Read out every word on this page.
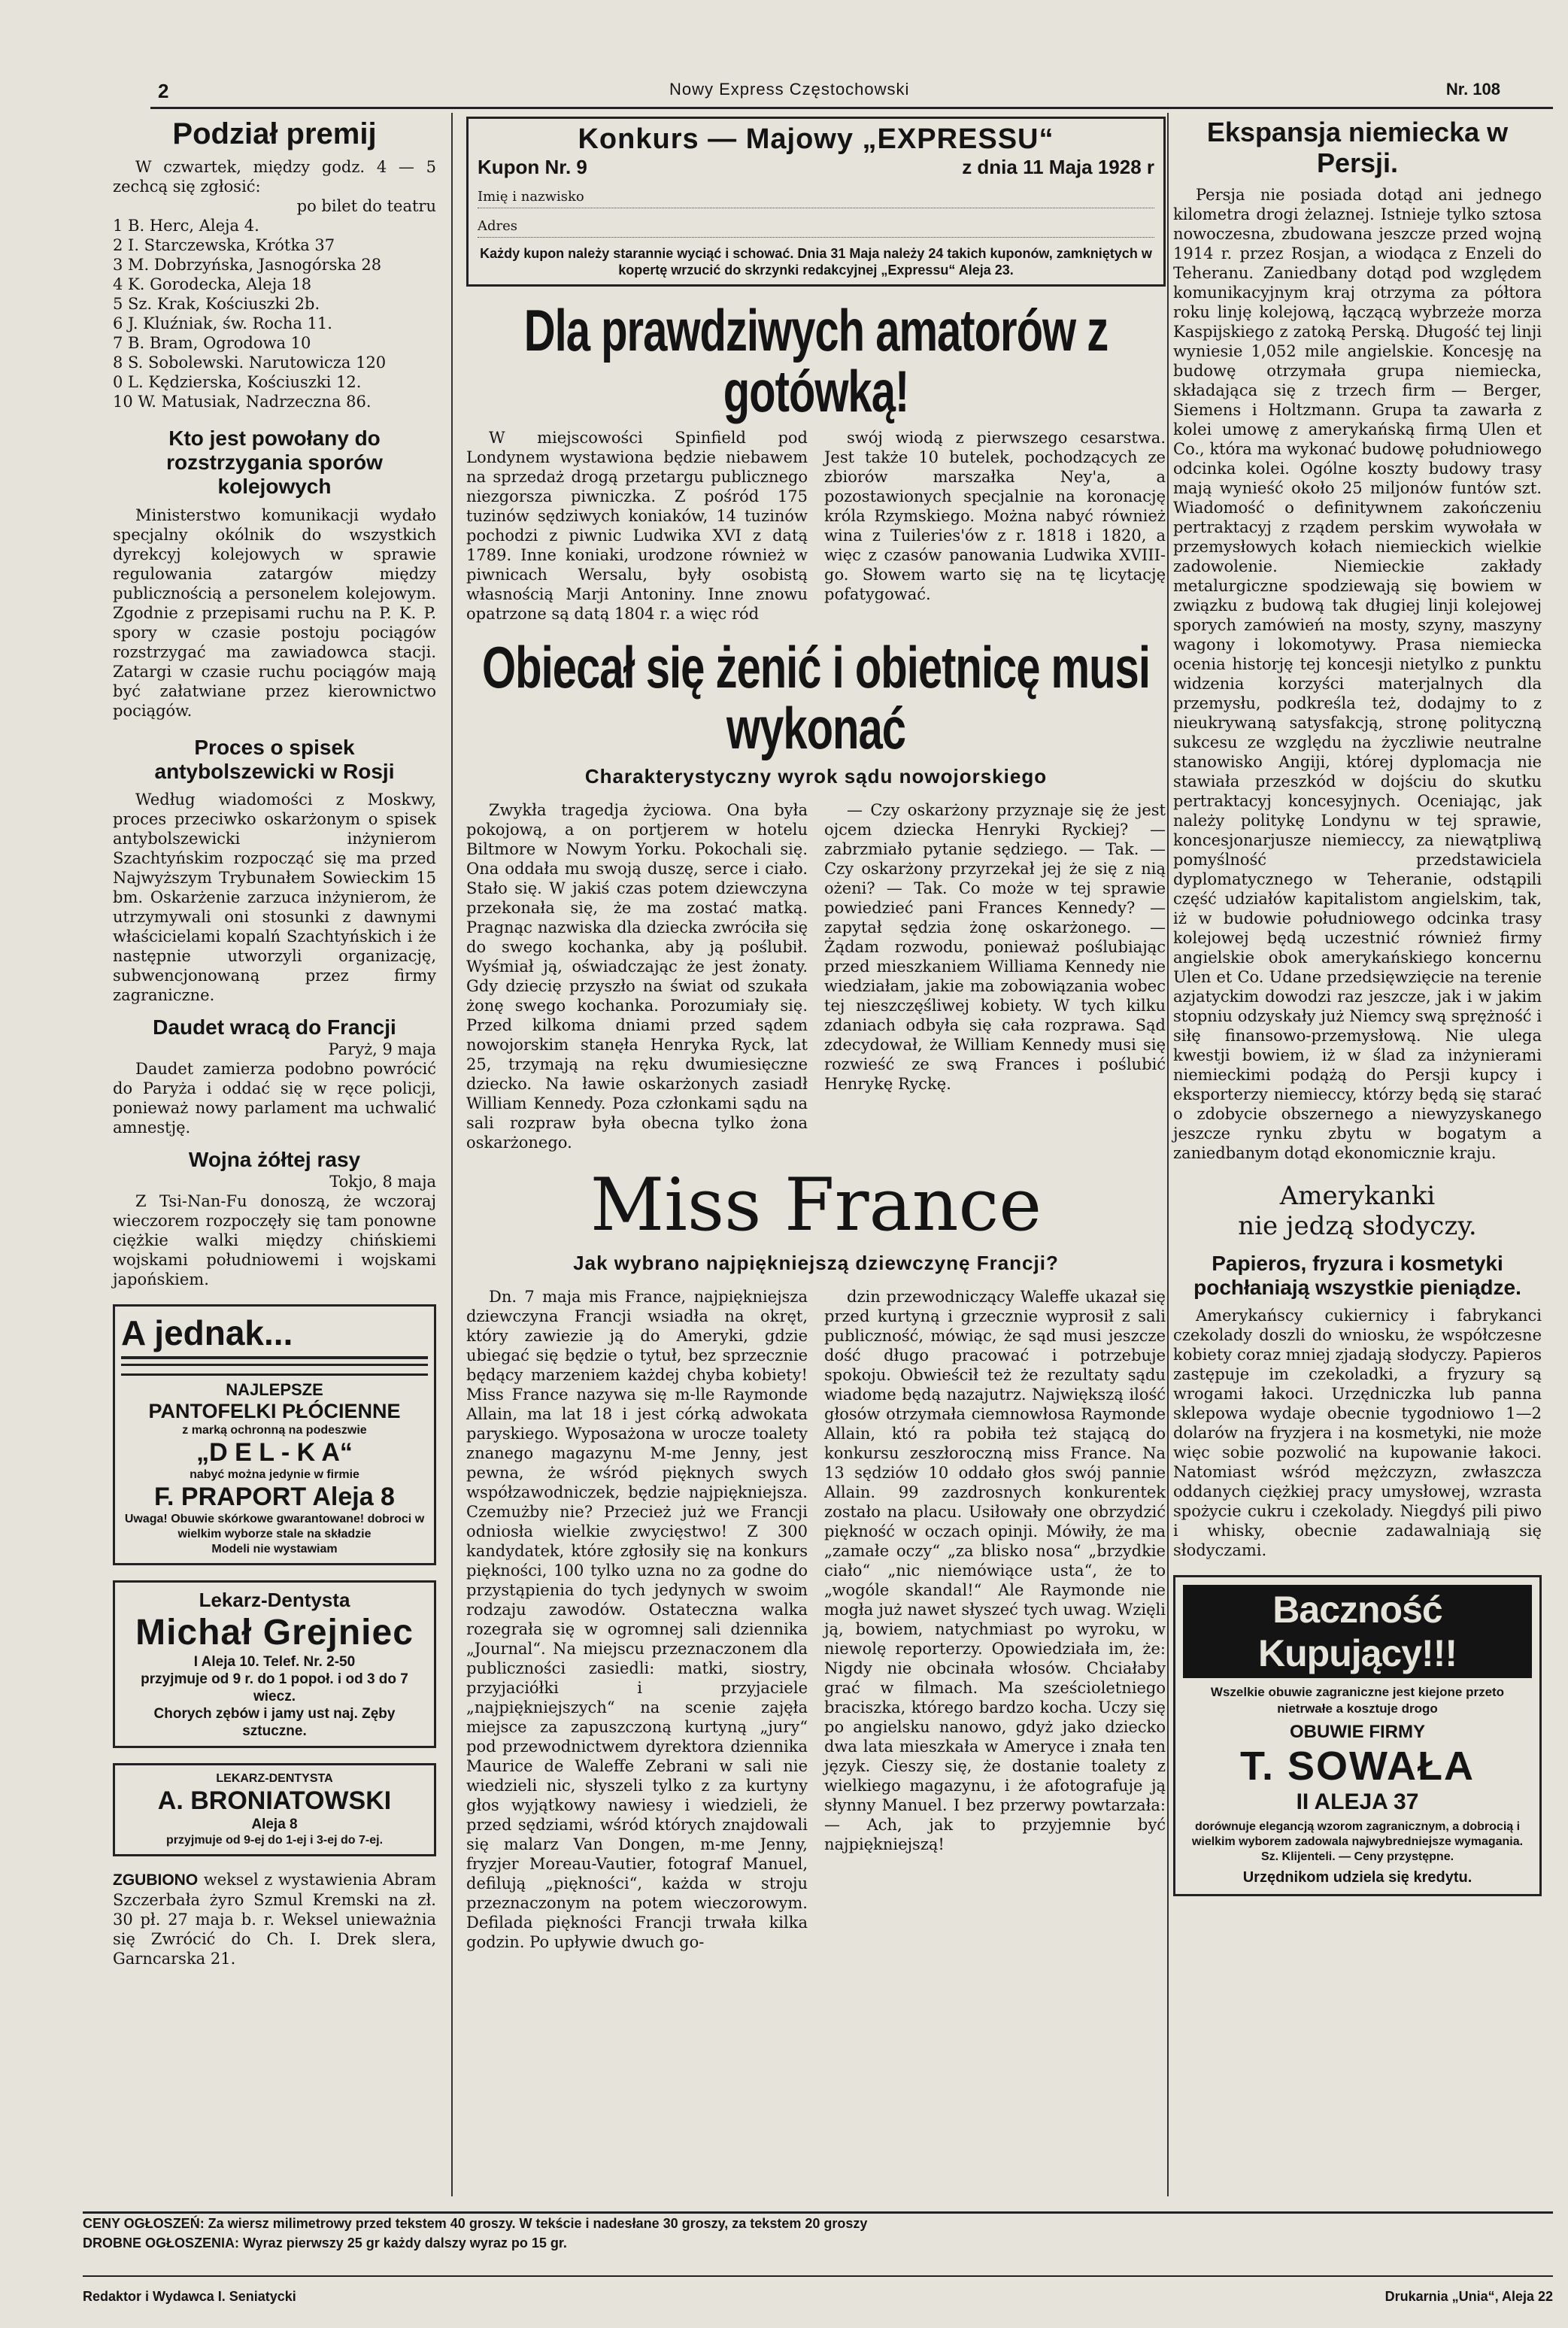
2	Nowy Express Częstochowski	Nr. 108
Podział premij

W czwartek, między godz. 4 — 5 zechcą się zgłosić:

po bilet do teatru

1 B. Herc, Aleja 4.
2 I. Starczewska, Krótka 37
3 M. Dobrzyńska, Jasnogórska 28
4 K. Gorodecka, Aleja 18
5 Sz. Krak, Kościuszki 2b.
6 J. Kluźniak, św. Rocha 11.
7 B. Bram, Ogrodowa 10
8 S. Sobolewski. Narutowicza 120
0 L. Kędzierska, Kościuszki 12.
10 W. Matusiak, Nadrzeczna 86.
Kto jest powołany do rozstrzygania sporów kolejowych

Ministerstwo komunikacji wydało specjalny okólnik do wszystkich dyrekcyj kolejowych w sprawie regulowania zatargów między publicznością a personelem kolejowym. Zgodnie z przepisami ruchu na P. K. P. spory w czasie postoju pociągów rozstrzygać ma zawiadowca stacji. Zatargi w czasie ruchu pociągów mają być załatwiane przez kierownictwo pociągów.

Proces o spisek antybolszewicki w Rosji

Według wiadomości z Moskwy, proces przeciwko oskarżonym o spisek antybolszewicki inżynierom Szachtyńskim rozpocząć się ma przed Najwyższym Trybunałem Sowieckim 15 bm. Oskarżenie zarzuca inżynierom, że utrzymywali oni stosunki z dawnymi właścicielami kopalń Szachtyńskich i że następnie utworzyli organizację, subwencjonowaną przez firmy zagraniczne.

Daudet wracą do Francji

Paryż, 9 maja

Daudet zamierza podobno powrócić do Paryża i oddać się w ręce policji, ponieważ nowy parlament ma uchwalić amnestję.

Wojna żółtej rasy

Tokjo, 8 maja

Z Tsi-Nan-Fu donoszą, że wczoraj wieczorem rozpoczęły się tam ponowne ciężkie walki między chińskiemi wojskami południowemi i wojskami japońskiem.

A jednak...
NAJLEPSZE
PANTOFELKI PŁÓCIENNE
z marką ochronną na podeszwie
„D E L - K A“
nabyć można jedynie w firmie
F. PRAPORT Aleja 8
Uwaga! Obuwie skórkowe gwarantowane! dobroci w wielkim wyborze stale na składzie
Modeli nie wystawiam
Lekarz-Dentysta
Michał Grejniec
I Aleja 10. Telef. Nr. 2-50
przyjmuje od 9 r. do 1 popoł. i od 3 do 7 wiecz.
Chorych zębów i jamy ust naj. Zęby sztuczne.
LEKARZ-DENTYSTA
A. BRONIATOWSKI
Aleja 8
przyjmuje od 9-ej do 1-ej i 3-ej do 7-ej.
ZGUBIONO weksel z wystawienia Abram Szczerbała żyro Szmul Kremski na zł. 30 pł. 27 maja b. r. Weksel unieważnia się Zwrócić do Ch. I. Drek slera, Garncarska 21.
Konkurs — Majowy „EXPRESSU“
Kupon Nr. 9	z dnia 11 Maja 1928 r
Imię i nazwisko
Adres
Każdy kupon należy starannie wyciąć i schować. Dnia 31 Maja należy 24 takich kuponów, zamkniętych w kopertę wrzucić do skrzynki redakcyjnej „Expressu“ Aleja 23.
Dla prawdziwych amatorów z gotówką!

W miejscowości Spinfield pod Londynem wystawiona będzie niebawem na sprzedaż drogą przetargu publicznego niezgorsza piwniczka. Z pośród 175 tuzinów sędziwych koniaków, 14 tuzinów pochodzi z piwnic Ludwika XVI z datą 1789. Inne koniaki, urodzone również w piwnicach Wersalu, były osobistą własnością Marji Antoniny. Inne znowu opatrzone są datą 1804 r. a więc ród

swój wiodą z pierwszego cesarstwa. Jest także 10 butelek, pochodzących ze zbiorów marszałka Ney'a, a pozostawionych specjalnie na koronację króla Rzymskiego. Można nabyć również wina z Tuileries'ów z r. 1818 i 1820, a więc z czasów panowania Ludwika XVIII-go. Słowem warto się na tę licytację pofatygować.

Obiecał się żenić i obietnicę musi wykonać
Charakterystyczny wyrok sądu nowojorskiego

Zwykła tragedja życiowa. Ona była pokojową, a on portjerem w hotelu Biltmore w Nowym Yorku. Pokochali się. Ona oddała mu swoją duszę, serce i ciało. Stało się. W jakiś czas potem dziewczyna przekonała się, że ma zostać matką. Pragnąc nazwiska dla dziecka zwróciła się do swego kochanka, aby ją poślubił. Wyśmiał ją, oświadczając że jest żonaty. Gdy dziecię przyszło na świat od szukała żonę swego kochanka. Porozumiały się. Przed kilkoma dniami przed sądem nowojorskim stanęła Henryka Ryck, lat 25, trzymają na ręku dwumiesięczne dziecko. Na ławie oskarżonych zasiadł William Kennedy. Poza członkami sądu na sali rozpraw była obecna tylko żona oskarżonego.

— Czy oskarżony przyznaje się że jest ojcem dziecka Henryki Ryckiej? — zabrzmiało pytanie sędziego. — Tak. — Czy oskarżony przyrzekał jej że się z nią ożeni? — Tak. Co może w tej sprawie powiedzieć pani Frances Kennedy? — zapytał sędzia żonę oskarżonego. — Żądam rozwodu, ponieważ poślubiając przed mieszkaniem Williama Kennedy nie wiedziałam, jakie ma zobowiązania wobec tej nieszczęśliwej kobiety. W tych kilku zdaniach odbyła się cała rozprawa. Sąd zdecydował, że William Kennedy musi się rozwieść ze swą Frances i poślubić Henrykę Ryckę.

Miss France
Jak wybrano najpiękniejszą dziewczynę Francji?

Dn. 7 maja mis France, najpiękniejsza dziewczyna Francji wsiadła na okręt, który zawiezie ją do Ameryki, gdzie ubiegać się będzie o tytuł, bez sprzecznie będący marzeniem każdej chyba kobiety! Miss France nazywa się m-lle Raymonde Allain, ma lat 18 i jest córką adwokata paryskiego. Wyposażona w urocze toalety znanego magazynu M-me Jenny, jest pewna, że wśród pięknych swych współzawodniczek, będzie najpiękniejsza. Czemużby nie? Przecież już we Francji odniosła wielkie zwycięstwo! Z 300 kandydatek, które zgłosiły się na konkurs piękności, 100 tylko uzna no za godne do przystąpienia do tych jedynych w swoim rodzaju zawodów. Ostateczna walka rozegrała się w ogromnej sali dziennika „Journal“. Na miejscu przeznaczonem dla publiczności zasiedli: matki, siostry, przyjaciółki i przyjaciele „najpiękniejszych“ na scenie zajęła miejsce za zapuszczoną kurtyną „jury“ pod przewodnictwem dyrektora dziennika Maurice de Waleffe Zebrani w sali nie wiedzieli nic, słyszeli tylko z za kurtyny głos wyjątkowy nawiesy i wiedzieli, że przed sędziami, wśród których znajdowali się malarz Van Dongen, m-me Jenny, fryzjer Moreau-Vautier, fotograf Manuel, defilują „piękności“, każda w stroju przeznaczonym na potem wieczorowym. Defilada piękności Francji trwała kilka godzin. Po upływie dwuch go-

dzin przewodniczący Waleffe ukazał się przed kurtyną i grzecznie wyprosił z sali publiczność, mówiąc, że sąd musi jeszcze dość długo pracować i potrzebuje spokoju. Obwieścił też że rezultaty sądu wiadome będą nazajutrz. Największą ilość głosów otrzymała ciemnowłosa Raymonde Allain, któ ra pobiła też stającą do konkursu zeszłoroczną miss France. Na 13 sędziów 10 oddało głos swój pannie Allain. 99 zazdrosnych konkurentek zostało na placu. Usiłowały one obrzydzić piękność w oczach opinji. Mówiły, że ma „zamałe oczy“ „za blisko nosa“ „brzydkie ciało“ „nic niemówiące usta“, że to „wogóle skandal!“ Ale Raymonde nie mogła już nawet słyszeć tych uwag. Wzięli ją, bowiem, natychmiast po wyroku, w niewolę reporterzy. Opowiedziała im, że: Nigdy nie obcinała włosów. Chciałaby grać w filmach. Ma sześcioletniego braciszka, którego bardzo kocha. Uczy się po angielsku nanowo, gdyż jako dziecko dwa lata mieszkała w Ameryce i znała ten język. Cieszy się, że dostanie toalety z wielkiego magazynu, i że afotografuje ją słynny Manuel. I bez przerwy powtarzała: — Ach, jak to przyjemnie być najpiękniejszą!

Ekspansja niemiecka w Persji.

Persja nie posiada dotąd ani jednego kilometra drogi żelaznej. Istnieje tylko sztosa nowoczesna, zbudowana jeszcze przed wojną 1914 r. przez Rosjan, a wiodąca z Enzeli do Teheranu. Zaniedbany dotąd pod względem komunikacyjnym kraj otrzyma za półtora roku linję kolejową, łączącą wybrzeże morza Kaspijskiego z zatoką Perską. Długość tej linji wyniesie 1,052 mile angielskie. Koncesję na budowę otrzymała grupa niemiecka, składająca się z trzech firm — Berger, Siemens i Holtzmann. Grupa ta zawarła z kolei umowę z amerykańską firmą Ulen et Co., która ma wykonać budowę południowego odcinka kolei. Ogólne koszty budowy trasy mają wynieść około 25 miljonów funtów szt. Wiadomość o definitywnem zakończeniu pertraktacyj z rządem perskim wywołała w przemysłowych kołach niemieckich wielkie zadowolenie. Niemieckie zakłady metalurgiczne spodziewają się bowiem w związku z budową tak długiej linji kolejowej sporych zamówień na mosty, szyny, maszyny wagony i lokomotywy. Prasa niemiecka ocenia historję tej koncesji nietylko z punktu widzenia korzyści materjalnych dla przemysłu, podkreśla też, dodajmy to z nieukrywaną satysfakcją, stronę polityczną sukcesu ze względu na życzliwie neutralne stanowisko Angiji, której dyplomacja nie stawiała przeszkód w dojściu do skutku pertraktacyj koncesyjnych. Oceniając, jak należy politykę Londynu w tej sprawie, koncesjonarjusze niemieccy, za niewątpliwą pomyślność przedstawiciela dyplomatycznego w Teheranie, odstąpili część udziałów kapitalistom angielskim, tak, iż w budowie południowego odcinka trasy kolejowej będą uczestnić również firmy angielskie obok amerykańskiego koncernu Ulen et Co. Udane przedsięwzięcie na terenie azjatyckim dowodzi raz jeszcze, jak i w jakim stopniu odzyskały już Niemcy swą sprężność i siłę finansowo-przemysłową. Nie ulega kwestji bowiem, iż w ślad za inżynierami niemieckimi podążą do Persji kupcy i eksporterzy niemieccy, którzy będą się starać o zdobycie obszernego a niewyzyskanego jeszcze rynku zbytu w bogatym a zaniedbanym dotąd ekonomicznie kraju.

Amerykanki
nie jedzą słodyczy.
Papieros, fryzura i kosmetyki pochłaniają wszystkie pieniądze.

Amerykańscy cukiernicy i fabrykanci czekolady doszli do wniosku, że współczesne kobiety coraz mniej zjadają słodyczy. Papieros zastępuje im czekoladki, a fryzury są wrogami łakoci. Urzędniczka lub panna sklepowa wydaje obecnie tygodniowo 1—2 dolarów na fryzjera i na kosmetyki, nie może więc sobie pozwolić na kupowanie łakoci. Natomiast wśród mężczyzn, zwłaszcza oddanych ciężkiej pracy umysłowej, wzrasta spożycie cukru i czekolady. Niegdyś pili piwo i whisky, obecnie zadawalniają się słodyczami.

Baczność Kupujący!!!
Wszelkie obuwie zagraniczne jest kiejone przeto nietrwałe a kosztuje drogo
OBUWIE FIRMY
T. SOWAŁA
II ALEJA 37
dorównuje elegancją wzorom zagranicznym, a dobrocią i wielkim wyborem zadowala najwybredniejsze wymagania. Sz. Klijenteli. — Ceny przystępne.
Urzędnikom udziela się kredytu.
CENY OGŁOSZEŃ: Za wiersz milimetrowy przed tekstem 40 groszy. W tekście i nadesłane 30 groszy, za tekstem 20 groszy
DROBNE OGŁOSZENIA: Wyraz pierwszy 25 gr każdy dalszy wyraz po 15 gr.
Redaktor i Wydawca I. Seniatycki	Drukarnia „Unia“, Aleja 22
